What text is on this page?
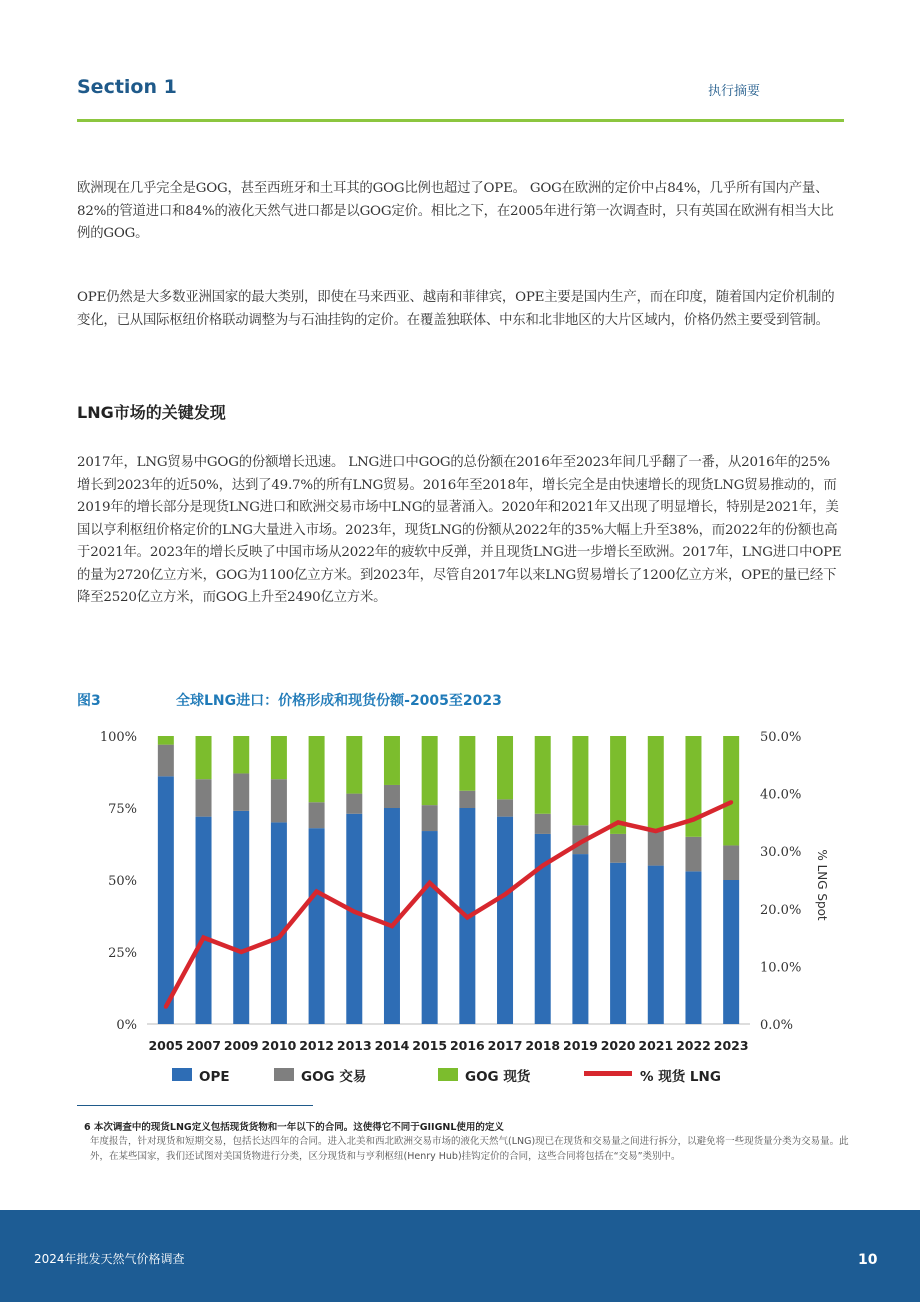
Section 1	执行摘要

欧洲现在几乎完全是GOG，甚至西班牙和土耳其的GOG比例也超过了OPE。 GOG在欧洲的定价中占84%，几乎所有国内产量、82%的管道进口和84%的液化天然气进口都是以GOG定价。相比之下，在2005年进行第一次调查时，只有英国在欧洲有相当大比例的GOG。

OPE仍然是大多数亚洲国家的最大类别，即使在马来西亚、越南和菲律宾，OPE主要是国内生产，而在印度，随着国内定价机制的变化，已从国际枢纽价格联动调整为与石油挂钩的定价。在覆盖独联体、中东和北非地区的大片区域内，价格仍然主要受到管制。

LNG市场的关键发现

2017年，LNG贸易中GOG的份额增长迅速。 LNG进口中GOG的总份额在2016年至2023年间几乎翻了一番，从2016年的25%增长到2023年的近50%，达到了49.7%的所有LNG贸易。2016年至2018年，增长完全是由快速增长的现货LNG贸易推动的，而2019年的增长部分是现货LNG进口和欧洲交易市场中LNG的显著涌入。2020年和2021年又出现了明显增长，特别是2021年，美国以亨利枢纽价格定价的LNG大量进入市场。2023年，现货LNG的份额从2022年的35%大幅上升至38%，而2022年的份额也高于2021年。2023年的增长反映了中国市场从2022年的疲软中反弹，并且现货LNG进一步增长至欧洲。2017年，LNG进口中OPE的量为2720亿立方米，GOG为1100亿立方米。到2023年，尽管自2017年以来LNG贸易增长了1200亿立方米，OPE的量已经下降至2520亿立方米，而GOG上升至2490亿立方米。

图3	全球LNG进口：价格形成和现货份额-2005至2023
0%
25%
50%
75%
100%
0.0%
10.0%
20.0%
30.0%
40.0%
50.0%
% LNG Spot
2005 2007 2009 2010 2012 2013 2014 2015 2016 2017 2018 2019 2020 2021 2022 2023
OPE	GOG 交易	GOG 现货	% 现货 LNG
6 本次调查中的现货LNG定义包括现货货物和一年以下的合同。这使得它不同于GIIGNL使用的定义

年度报告，针对现货和短期交易，包括长达四年的合同。进入北美和西北欧洲交易市场的液化天然气(LNG)现已在现货和交易量之间进行拆分，以避免将一些现货量分类为交易量。此外，在某些国家，我们还试图对美国货物进行分类，区分现货和与亨利枢纽(Henry Hub)挂钩定价的合同，这些合同将包括在“交易”类别中。

2024年批发天然气价格调查	10
